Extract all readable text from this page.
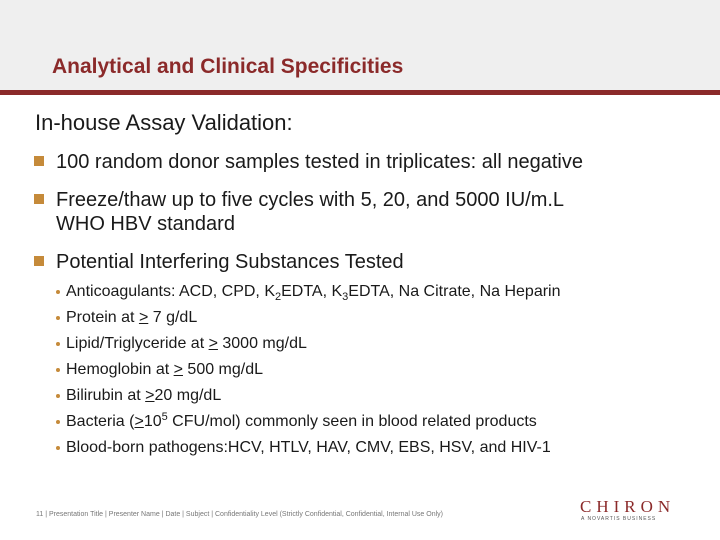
Analytical and Clinical Specificities
In-house Assay Validation:
100 random donor samples tested in triplicates: all negative
Freeze/thaw up to five cycles with 5, 20, and 5000 IU/m.L
WHO HBV standard
Potential Interfering Substances Tested
Anticoagulants: ACD, CPD, $K_2EDTA$, $K_3EDTA$, Na Citrate, Na Heparin
Protein at > 7 g/dL
Lipid/Triglyceride at > 3000 mg/dL
Hemoglobin at > 500 mg/dL
Bilirubin at >20 mg/dL
Bacteria ($>10^5$ CFU/mol) commonly seen in blood related products
Blood-born pathogens:HCV, HTLV, HAV, CMV, EBS, HSV, and HIV-1
11 | Presentation Title | Presenter Name | Date | Subject | Confidentiality Level (Strictly Confidential, Confidential, Internal Use Only)	CHIRON
A NOVARTIS BUSINESS
